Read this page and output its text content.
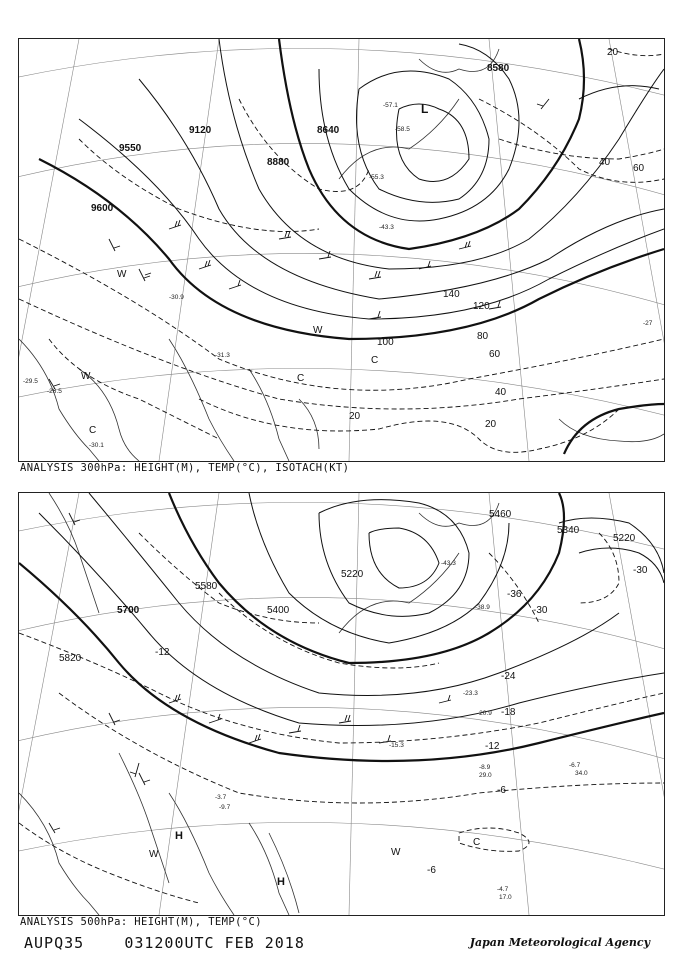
9600
9550
9120
8880
8640
8580
100
80
60
40
20
120
140
60
40
20
20
W
W
C
C
C
W
L
-29.5
-28.5
-30.1
-31.3
-30.9
-43.3
-55.3
-57.1
-58.5
-27
ANALYSIS 300hPa: HEIGHT(M), TEMP(°C), ISOTACH(KT)
5820
5700
5580
5400
5220
5340
5220
5460
-12
-24
-18
-12
-6
-30
-36
-6
-30
H
H
W	W
C
-9.7
-3.7
-4.7
-6.7
-15.3
-43.3
-38.9
-23.3
-20.9
-8.9
29.0	34.0
17.0
ANALYSIS 500hPa: HEIGHT(M), TEMP(°C)
AUPQ35	031200UTC FEB 2018	Japan Meteorological Agency
